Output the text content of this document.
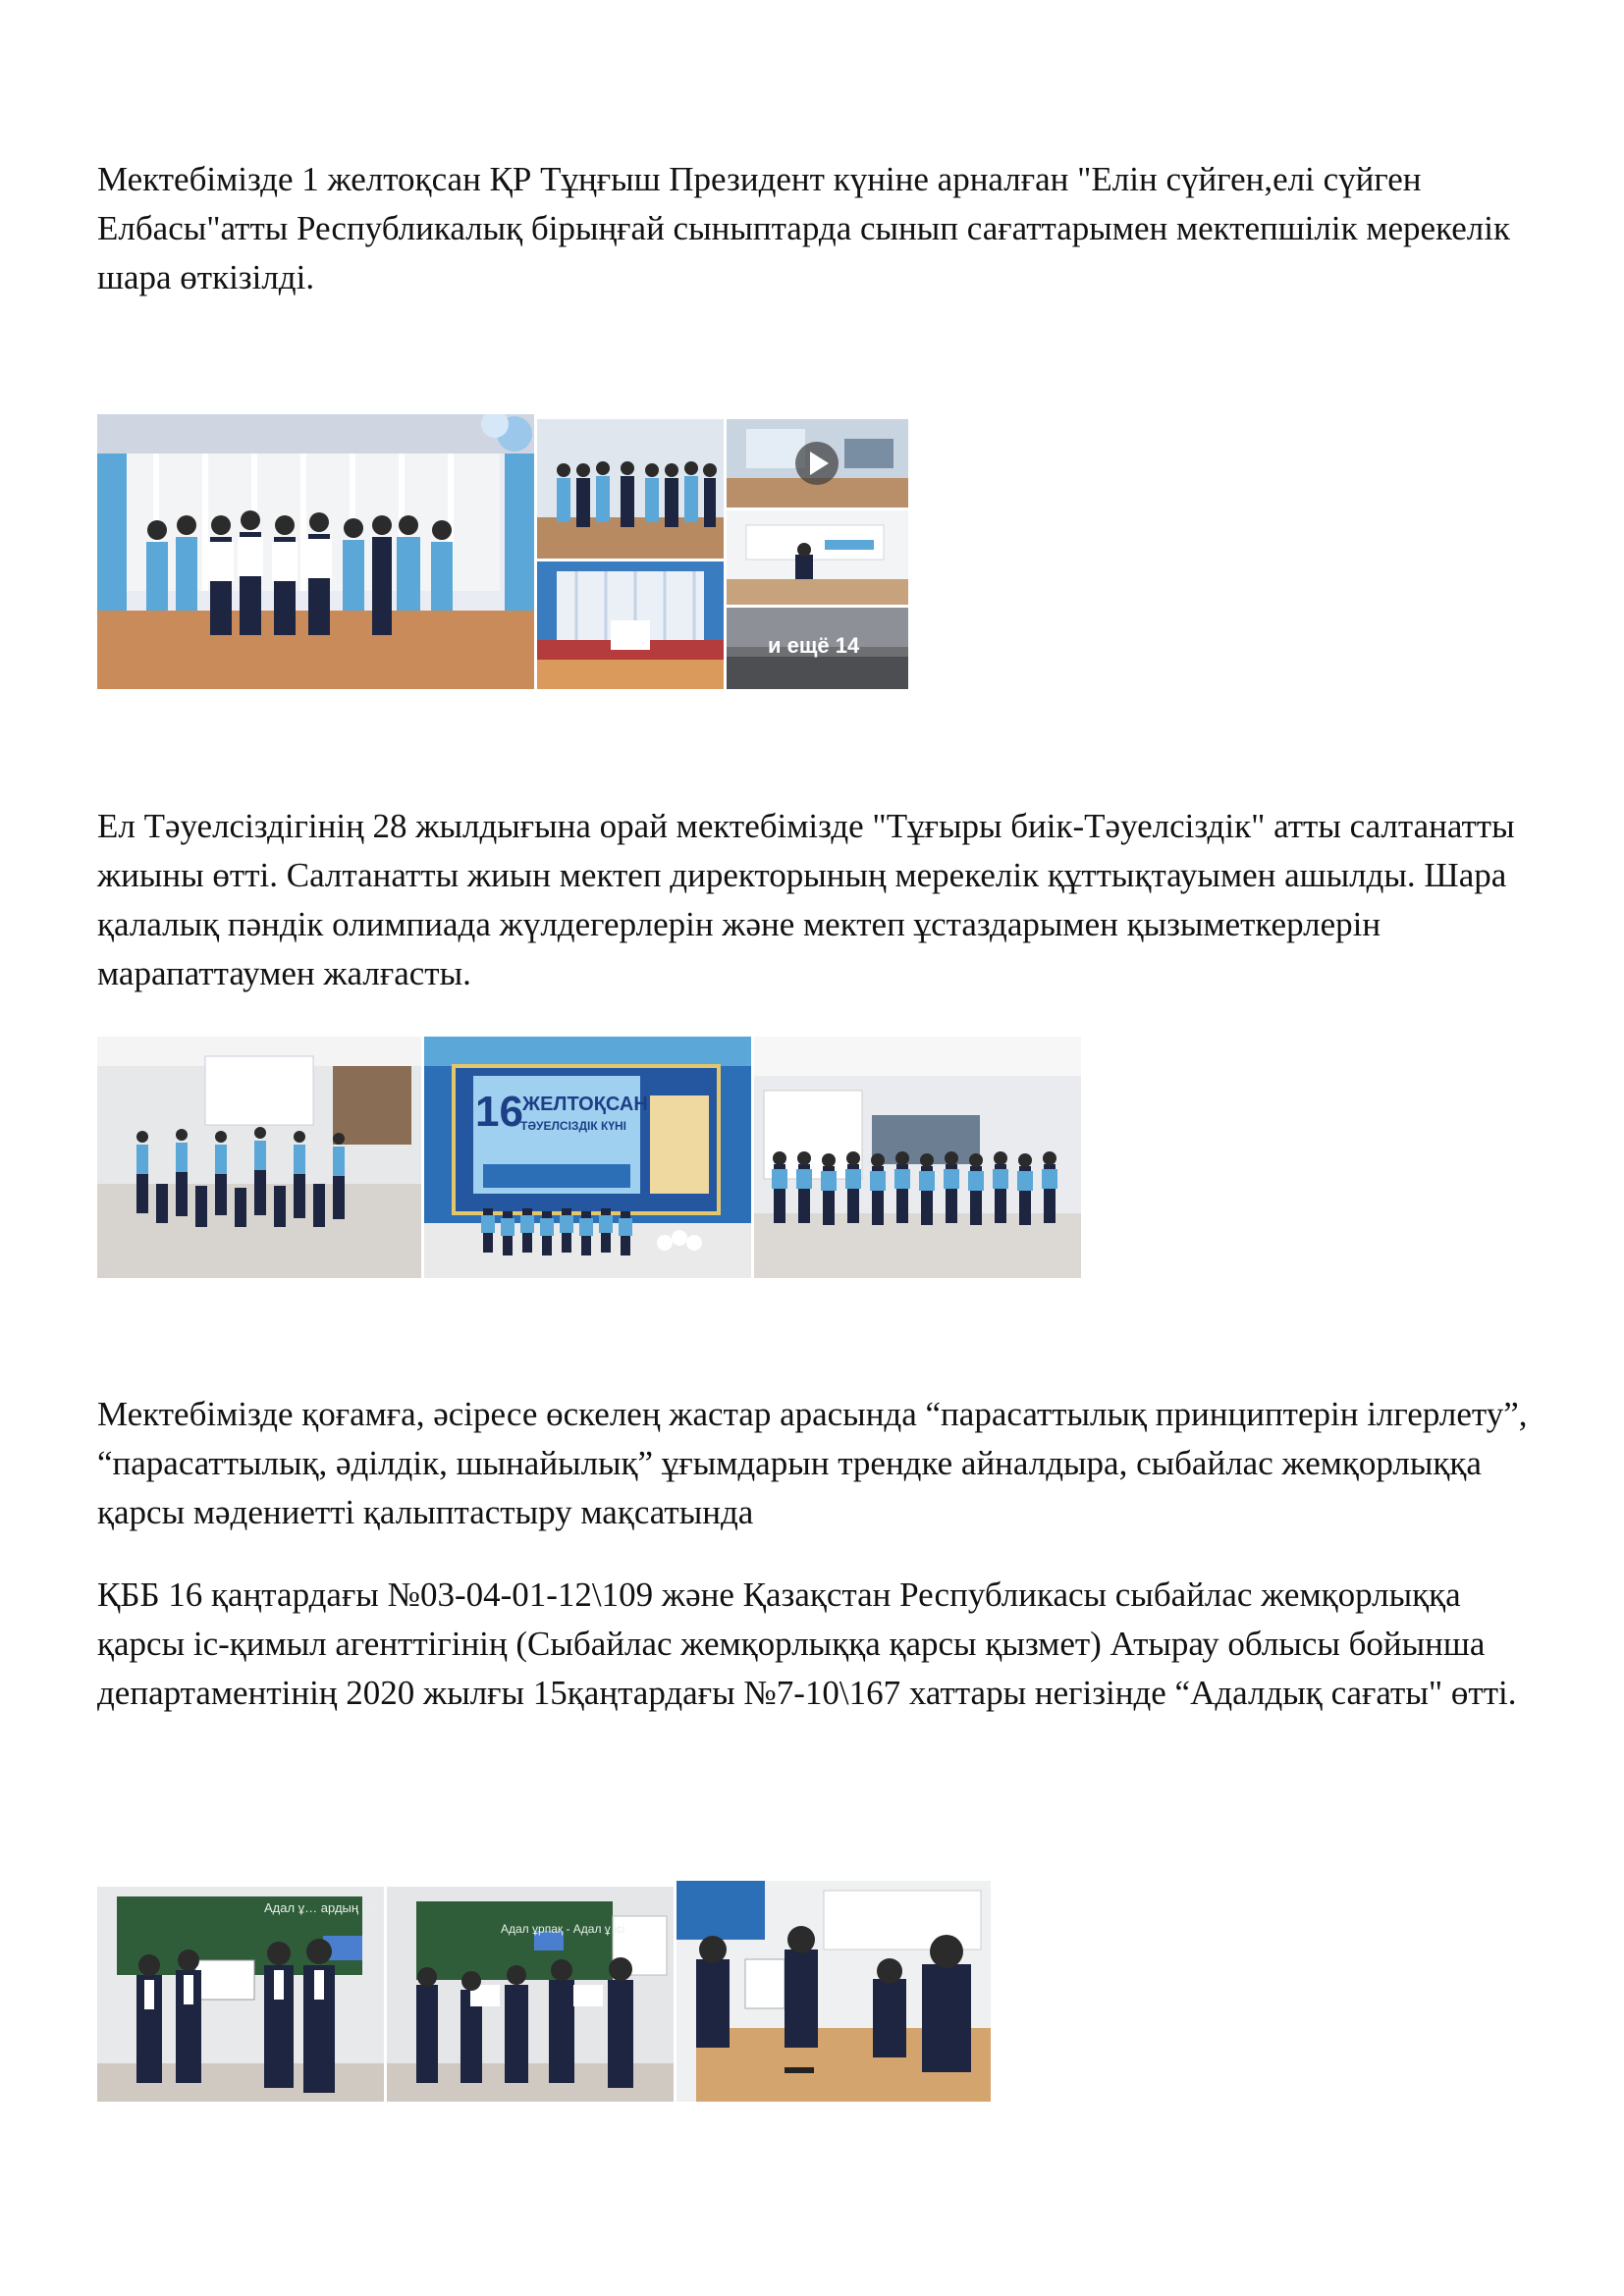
Мектебімізде 1 желтоқсан ҚР Тұңғыш Президент күніне арналған "Елін сүйген,елі сүйген Елбасы"атты Республикалық бірыңғай сыныптарда сынып сағаттарымен мектепшілік мерекелік шара өткізілді.

и ещё 14

Ел Тәуелсіздігінің 28 жылдығына орай мектебімізде "Тұғыры биік-Тәуелсіздік" атты салтанатты жиыны өтті. Салтанатты жиын мектеп директорының мерекелік құттықтауымен ашылды. Шара қалалық пәндік олимпиада жүлдегерлерін және мектеп ұстаздарымен қызыметкерлерін марапаттаумен жалғасты.

16 ЖЕЛТОҚСАН
ТӘУЕЛСІЗДІК КҮНІ

Мектебімізде қоғамға, әсіресе өскелең жастар арасында “парасаттылық принциптерін ілгерлету”, “парасаттылық, әділдік, шынайылық” ұғымдарын трендке айналдыра, сыбайлас жемқорлыққа қарсы мәдениетті қалыптастыру мақсатында

ҚББ 16 қаңтардағы №03-04-01-12\109 және Қазақстан Республикасы сыбайлас жемқорлыққа қарсы іс-қимыл агенттігінің (Сыбайлас жемқорлыққа қарсы қызмет) Атырау облысы бойынша департаментінің 2020 жылғы 15қаңтардағы №7-10\167 хаттары негізінде “Адалдық сағаты" өтті.

Адал ұ… ардың ісі
Адал ұрпақ - Адал ұ ісі
